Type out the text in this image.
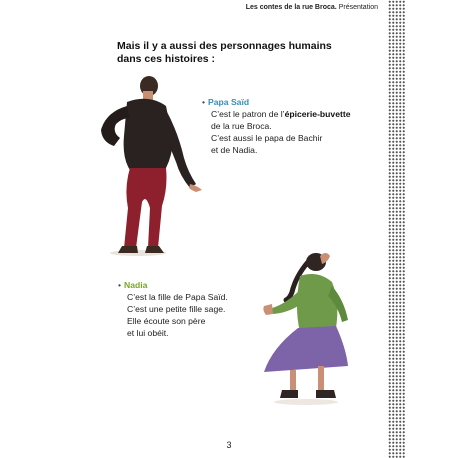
Les contes de la rue Broca. Présentation
Mais il y a aussi des personnages humains
dans ces histoires :
• Papa Saïd
C’est le patron de l’épicerie-buvette
de la rue Broca.
C’est aussi le papa de Bachir
et de Nadia.
• Nadia
C’est la fille de Papa Saïd.
C’est une petite fille sage.
Elle écoute son père
et lui obéit.
3
